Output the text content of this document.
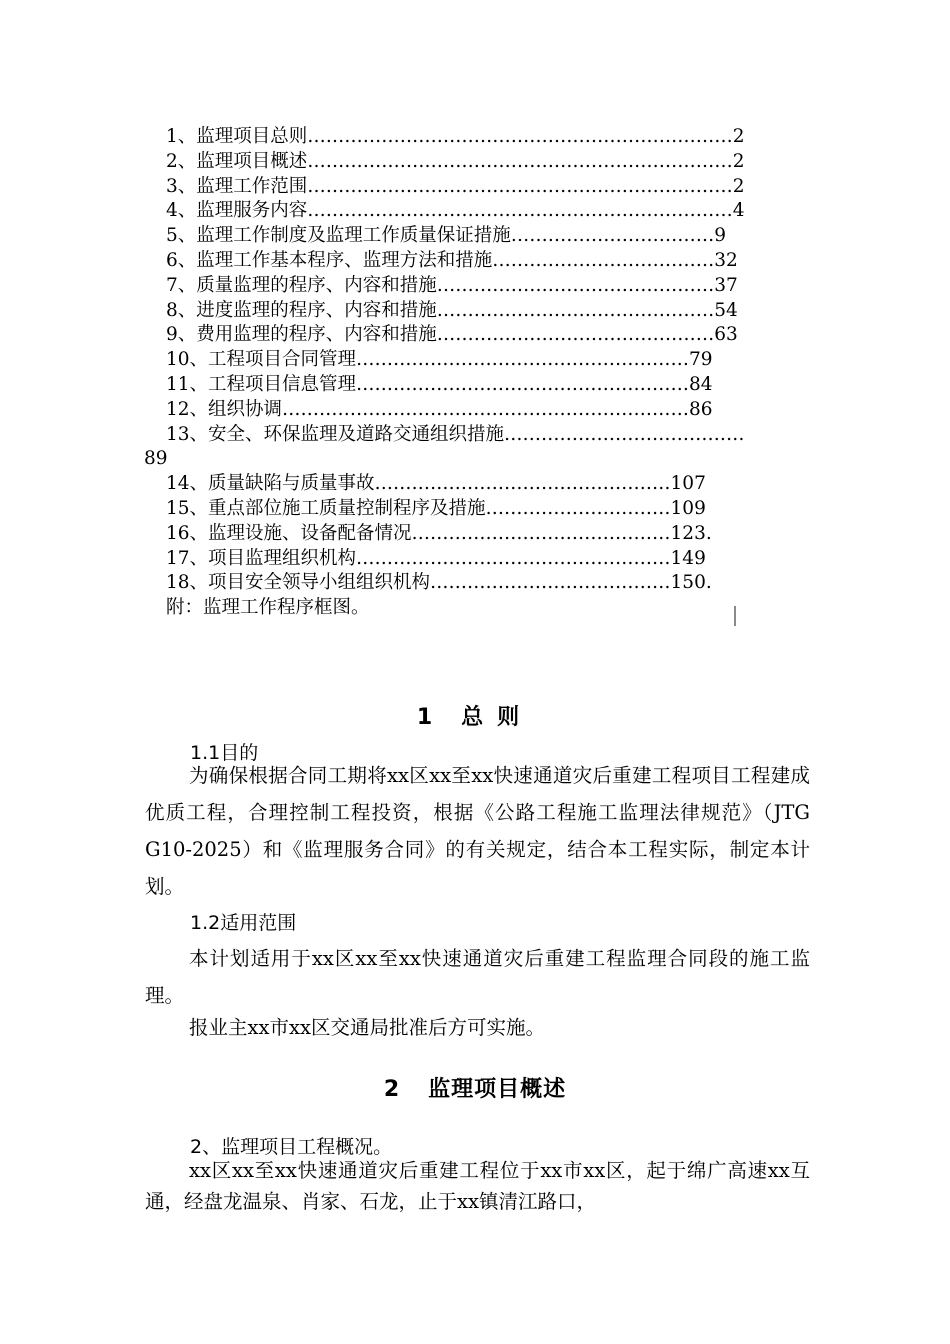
1、监理项目总则……………………………………………………………2
2、监理项目概述……………………………………………………………2
3、监理工作范围……………………………………………………………2
4、监理服务内容……………………………………………………………4
5、监理工作制度及监理工作质量保证措施……………………………9
6、监理工作基本程序、监理方法和措施………………………………32
7、质量监理的程序、内容和措施………………………………………37
8、进度监理的程序、内容和措施………………………………………54
9、费用监理的程序、内容和措施………………………………………63
10、工程项目合同管理………………………………………………79
11、工程项目信息管理………………………………………………84
12、组织协调…………………………………………………………86
13、安全、环保监理及道路交通组织措施…………………………………
89
14、质量缺陷与质量事故…………………………………………107
15、重点部位施工质量控制程序及措施…………………………109
16、监理设施、设备配备情况……………………………………123.
17、项目监理组织机构……………………………………………149
18、项目安全领导小组组织机构…………………………………150.
附：监理工作程序框图。
1 总则
1.1目的
为确保根据合同工期将xx区xx至xx快速通道灾后重建工程项目工程建成优质工程，合理控制工程投资，根据《公路工程施工监理法律规范》（JTG G10-2025）和《监理服务合同》的有关规定，结合本工程实际，制定本计划。
1.2适用范围
本计划适用于xx区xx至xx快速通道灾后重建工程监理合同段的施工监理。
报业主xx市xx区交通局批准后方可实施。
2 监理项目概述
2、监理项目工程概况。
xx区xx至xx快速通道灾后重建工程位于xx市xx区，起于绵广高速xx互通，经盘龙温泉、肖家、石龙，止于xx镇清江路口，
